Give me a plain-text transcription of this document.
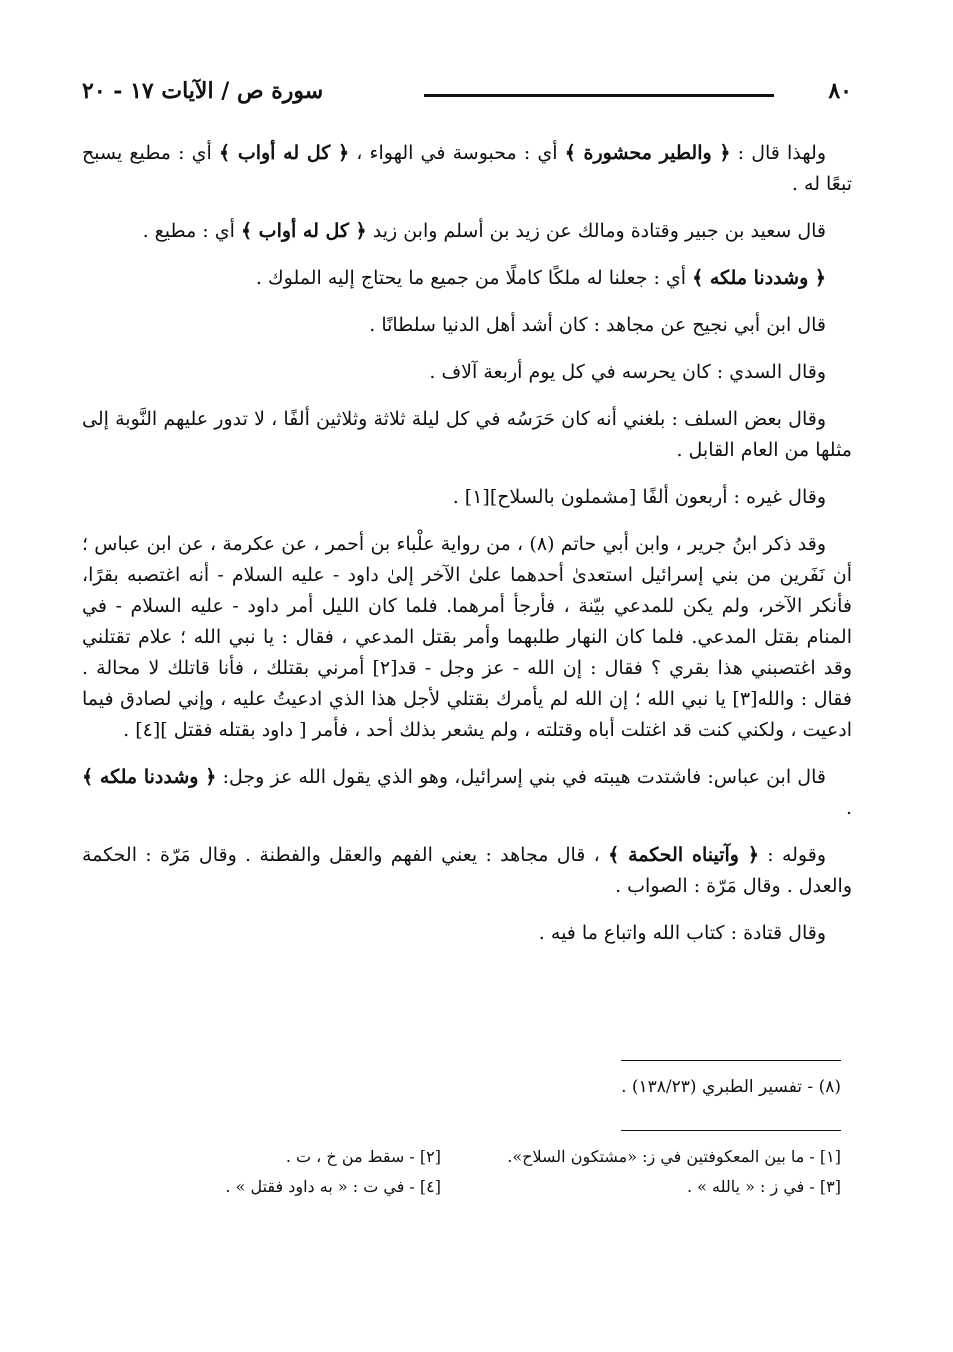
٨٠
سورة ص / الآيات ١٧ - ٢٠

ولهذا قال : ﴿ والطير محشورة ﴾ أي : محبوسة في الهواء ، ﴿ كل له أواب ﴾ أي : مطيع يسبح تبعًا له .

قال سعيد بن جبير وقتادة ومالك عن زيد بن أسلم وابن زيد ﴿ كل له أواب ﴾ أي : مطيع .

﴿ وشددنا ملكه ﴾ أي : جعلنا له ملكًا كاملًا من جميع ما يحتاج إليه الملوك .

قال ابن أبي نجيح عن مجاهد : كان أشد أهل الدنيا سلطانًا .

وقال السدي : كان يحرسه في كل يوم أربعة آلاف .

وقال بعض السلف : بلغني أنه كان حَرَسُه في كل ليلة ثلاثة وثلاثين ألفًا ، لا تدور عليهم النَّوبة إلى مثلها من العام القابل .

وقال غيره : أربعون ألفًا [مشملون بالسلاح][١] .

وقد ذكر ابنُ جرير ، وابن أبي حاتم (٨) ، من رواية علْباء بن أحمر ، عن عكرمة ، عن ابن عباس ؛ أن نَفَرين من بني إسرائيل استعدىٰ أحدهما علىٰ الآخر إلىٰ داود - عليه السلام - أنه اغتصبه بقرًا، فأنكر الآخر، ولم يكن للمدعي بيّنة ، فأرجأ أمرهما. فلما كان الليل أمر داود - عليه السلام - في المنام بقتل المدعي. فلما كان النهار طلبهما وأمر بقتل المدعي ، فقال : يا نبي الله ؛ علام تقتلني وقد اغتصبني هذا بقري ؟ فقال : إن الله - عز وجل - قد[٢] أمرني بقتلك ، فأنا قاتلك لا محالة . فقال : والله[٣] يا نبي الله ؛ إن الله لم يأمرك بقتلي لأجل هذا الذي ادعيتُ عليه ، وإني لصادق فيما ادعيت ، ولكني كنت قد اغتلت أباه وقتلته ، ولم يشعر بذلك أحد ، فأمر [ داود بقتله فقتل ][٤] .

قال ابن عباس: فاشتدت هيبته في بني إسرائيل، وهو الذي يقول الله عز وجل: ﴿ وشددنا ملكه ﴾ .

وقوله : ﴿ وآتيناه الحكمة ﴾ ، قال مجاهد : يعني الفهم والعقل والفطنة . وقال مَرّة : الحكمة والعدل . وقال مَرّة : الصواب .

وقال قتادة : كتاب الله واتباع ما فيه .

(٨) - تفسير الطبري (١٣٨/٢٣) .
[١] - ما بين المعكوفتين في ز: «مشتكون السلاح».
[٢] - سقط من خ ، ت .
[٣] - في ز : « يالله » .
[٤] - في ت : « به داود فقتل » .
